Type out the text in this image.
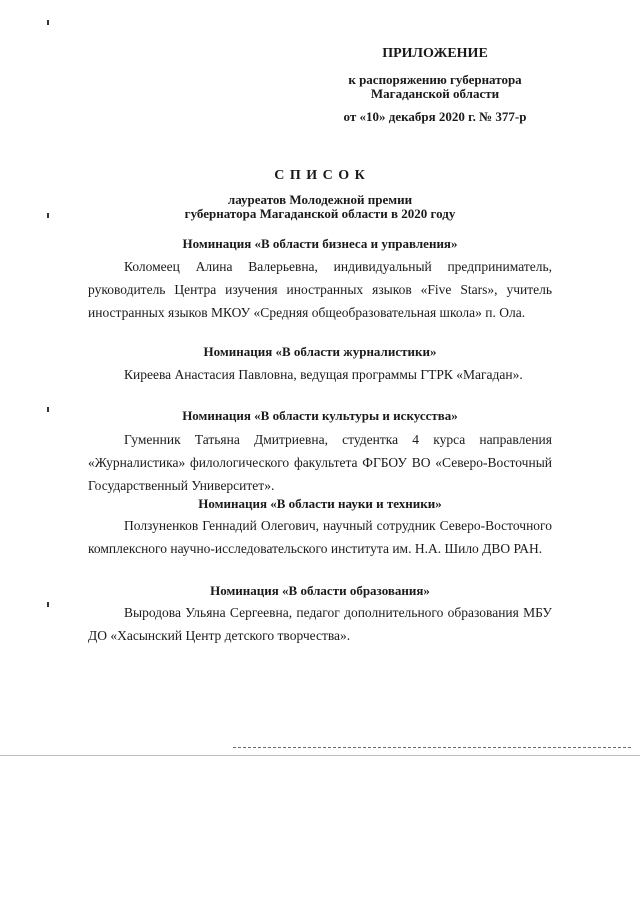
ПРИЛОЖЕНИЕ
к распоряжению губернатора
Магаданской области
от «10» декабря 2020 г. № 377-р
С П И С О К
лауреатов Молодежной премии
губернатора Магаданской области в 2020 году
Номинация «В области бизнеса и управления»

Коломеец Алина Валерьевна, индивидуальный предприниматель, руководитель Центра изучения иностранных языков «Five Stars», учитель иностранных языков МКОУ «Средняя общеобразовательная школа» п. Ола.

Номинация «В области журналистики»

Киреева Анастасия Павловна, ведущая программы ГТРК «Магадан».

Номинация «В области культуры и искусства»

Гуменник Татьяна Дмитриевна, студентка 4 курса направления «Журналистика» филологического факультета ФГБОУ ВО «Северо-Восточный Государственный Университет».

Номинация «В области науки и техники»

Ползуненков Геннадий Олегович, научный сотрудник Северо-Восточного комплексного научно-исследовательского института им. Н.А. Шило ДВО РАН.

Номинация «В области образования»

Выродова Ульяна Сергеевна, педагог дополнительного образования МБУ ДО «Хасынский Центр детского творчества».
